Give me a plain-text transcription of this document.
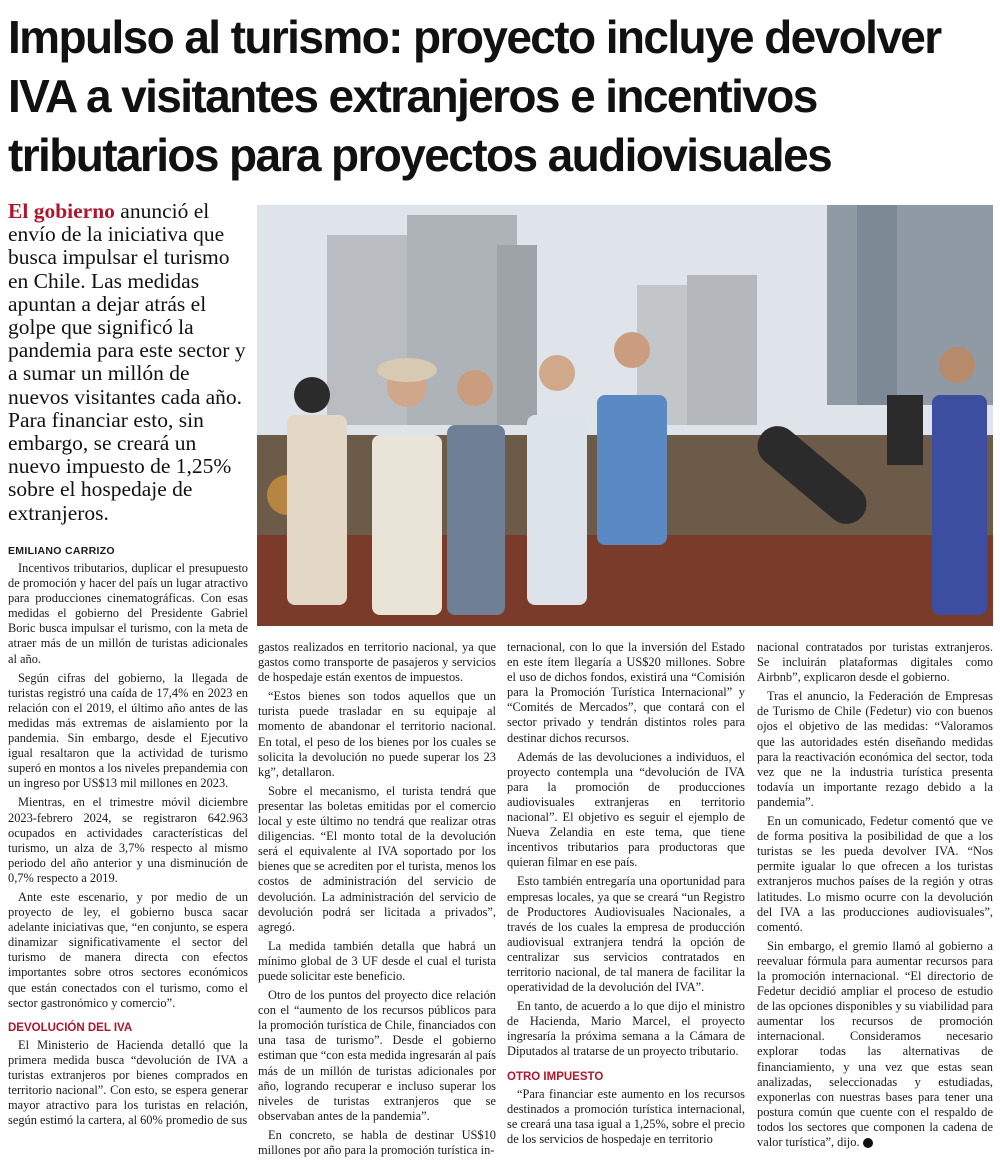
Impulso al turismo: proyecto incluye devolver IVA a visitantes extranjeros e incentivos tributarios para proyectos audiovisuales

El gobierno anunció el envío de la iniciativa que busca impulsar el turismo en Chile. Las medidas apuntan a dejar atrás el golpe que significó la pandemia para este sector y a sumar un millón de nuevos visitantes cada año. Para financiar esto, sin embargo, se creará un nuevo impuesto de 1,25% sobre el hospedaje de extranjeros.

EMILIANO CARRIZO

Incentivos tributarios, duplicar el presupuesto de promoción y hacer del país un lugar atractivo para producciones cinematográficas. Con esas medidas el gobierno del Presidente Gabriel Boric busca impulsar el turismo, con la meta de atraer más de un millón de turistas adicionales al año.

Según cifras del gobierno, la llegada de turistas registró una caída de 17,4% en 2023 en relación con el 2019, el último año antes de las medidas más extremas de aislamiento por la pandemia. Sin embargo, desde el Ejecutivo igual resaltaron que la actividad de turismo superó en montos a los niveles prepandemia con un ingreso por US$13 mil millones en 2023.

Mientras, en el trimestre móvil diciembre 2023-febrero 2024, se registraron 642.963 ocupados en actividades características del turismo, un alza de 3,7% respecto al mismo periodo del año anterior y una disminución de 0,7% respecto a 2019.

Ante este escenario, y por medio de un proyecto de ley, el gobierno busca sacar adelante iniciativas que, “en conjunto, se espera dinamizar significativamente el sector del turismo de manera directa con efectos importantes sobre otros sectores económicos que están conectados con el turismo, como el sector gastronómico y comercio”.

DEVOLUCIÓN DEL IVA

El Ministerio de Hacienda detalló que la primera medida busca “devolución de IVA a turistas extranjeros por bienes comprados en territorio nacional”. Con esto, se espera generar mayor atractivo para los turistas en relación, según estimó la cartera, al 60% promedio de sus

gastos realizados en territorio nacional, ya que gastos como transporte de pasajeros y servicios de hospedaje están exentos de impuestos.

“Estos bienes son todos aquellos que un turista puede trasladar en su equipaje al momento de abandonar el territorio nacional. En total, el peso de los bienes por los cuales se solicita la devolución no puede superar los 23 kg”, detallaron.

Sobre el mecanismo, el turista tendrá que presentar las boletas emitidas por el comercio local y este último no tendrá que realizar otras diligencias. “El monto total de la devolución será el equivalente al IVA soportado por los bienes que se acrediten por el turista, menos los costos de administración del servicio de devolución. La administración del servicio de devolución podrá ser licitada a privados”, agregó.

La medida también detalla que habrá un mínimo global de 3 UF desde el cual el turista puede solicitar este beneficio.

Otro de los puntos del proyecto dice relación con el “aumento de los recursos públicos para la promoción turística de Chile, financiados con una tasa de turismo”. Desde el gobierno estiman que “con esta medida ingresarán al país más de un millón de turistas adicionales por año, logrando recuperar e incluso superar los niveles de turistas extranjeros que se observaban antes de la pandemia”.

En concreto, se habla de destinar US$10 millones por año para la promoción turística in-

ternacional, con lo que la inversión del Estado en este ítem llegaría a US$20 millones. Sobre el uso de dichos fondos, existirá una “Comisión para la Promoción Turística Internacional” y “Comités de Mercados”, que contará con el sector privado y tendrán distintos roles para destinar dichos recursos.

Además de las devoluciones a individuos, el proyecto contempla una “devolución de IVA para la promoción de producciones audiovisuales extranjeras en territorio nacional”. El objetivo es seguir el ejemplo de Nueva Zelandia en este tema, que tiene incentivos tributarios para productoras que quieran filmar en ese país.

Esto también entregaría una oportunidad para empresas locales, ya que se creará “un Registro de Productores Audiovisuales Nacionales, a través de los cuales la empresa de producción audiovisual extranjera tendrá la opción de centralizar sus servicios contratados en territorio nacional, de tal manera de facilitar la operatividad de la devolución del IVA”.

En tanto, de acuerdo a lo que dijo el ministro de Hacienda, Mario Marcel, el proyecto ingresaría la próxima semana a la Cámara de Diputados al tratarse de un proyecto tributario.

OTRO IMPUESTO

“Para financiar este aumento en los recursos destinados a promoción turística internacional, se creará una tasa igual a 1,25%, sobre el precio de los servicios de hospedaje en territorio

nacional contratados por turistas extranjeros. Se incluirán plataformas digitales como Airbnb”, explicaron desde el gobierno.

Tras el anuncio, la Federación de Empresas de Turismo de Chile (Fedetur) vio con buenos ojos el objetivo de las medidas: “Valoramos que las autoridades estén diseñando medidas para la reactivación económica del sector, toda vez que ne la industria turística presenta todavía un importante rezago debido a la pandemia”.

En un comunicado, Fedetur comentó que ve de forma positiva la posibilidad de que a los turistas se les pueda devolver IVA. “Nos permite igualar lo que ofrecen a los turistas extranjeros muchos países de la región y otras latitudes. Lo mismo ocurre con la devolución del IVA a las producciones audiovisuales”, comentó.

Sin embargo, el gremio llamó al gobierno a reevaluar fórmula para aumentar recursos para la promoción internacional. “El directorio de Fedetur decidió ampliar el proceso de estudio de las opciones disponibles y su viabilidad para aumentar los recursos de promoción internacional. Consideramos necesario explorar todas las alternativas de financiamiento, y una vez que estas sean analizadas, seleccionadas y estudiadas, exponerlas con nuestras bases para tener una postura común que cuente con el respaldo de todos los sectores que componen la cadena de valor turística”, dijo. P
